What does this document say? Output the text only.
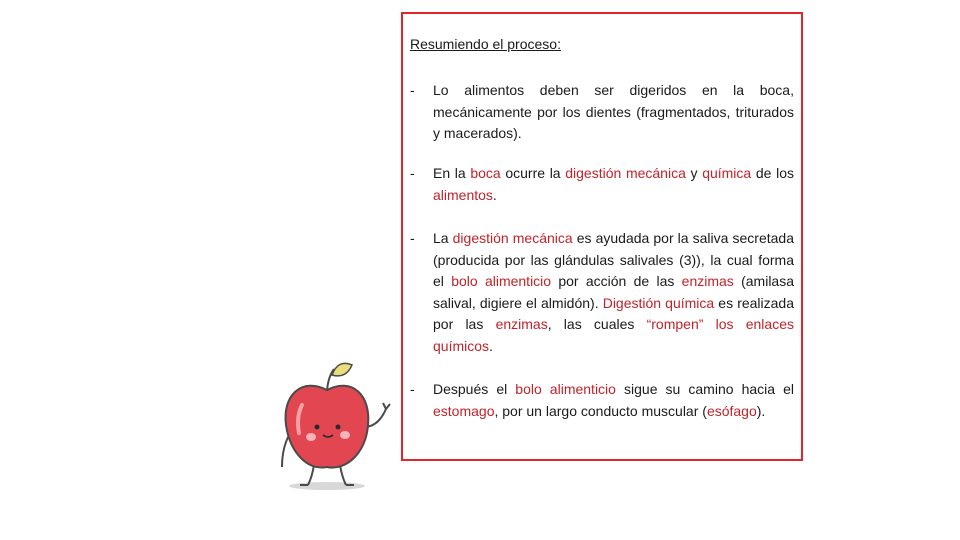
Resumiendo el proceso:
-	Lo alimentos deben ser digeridos en la boca, mecánicamente por los dientes (fragmentados, triturados y macerados).
-	En la boca ocurre la digestión mecánica y química de los alimentos.
-	La digestión mecánica es ayudada por la saliva secretada (producida por las glándulas salivales (3)), la cual forma el bolo alimenticio por acción de las enzimas (amilasa salival, digiere el almidón). Digestión química es realizada por las enzimas, las cuales “rompen” los enlaces químicos.
-	Después el bolo alimenticio sigue su camino hacia el estomago, por un largo conducto muscular (esófago).
